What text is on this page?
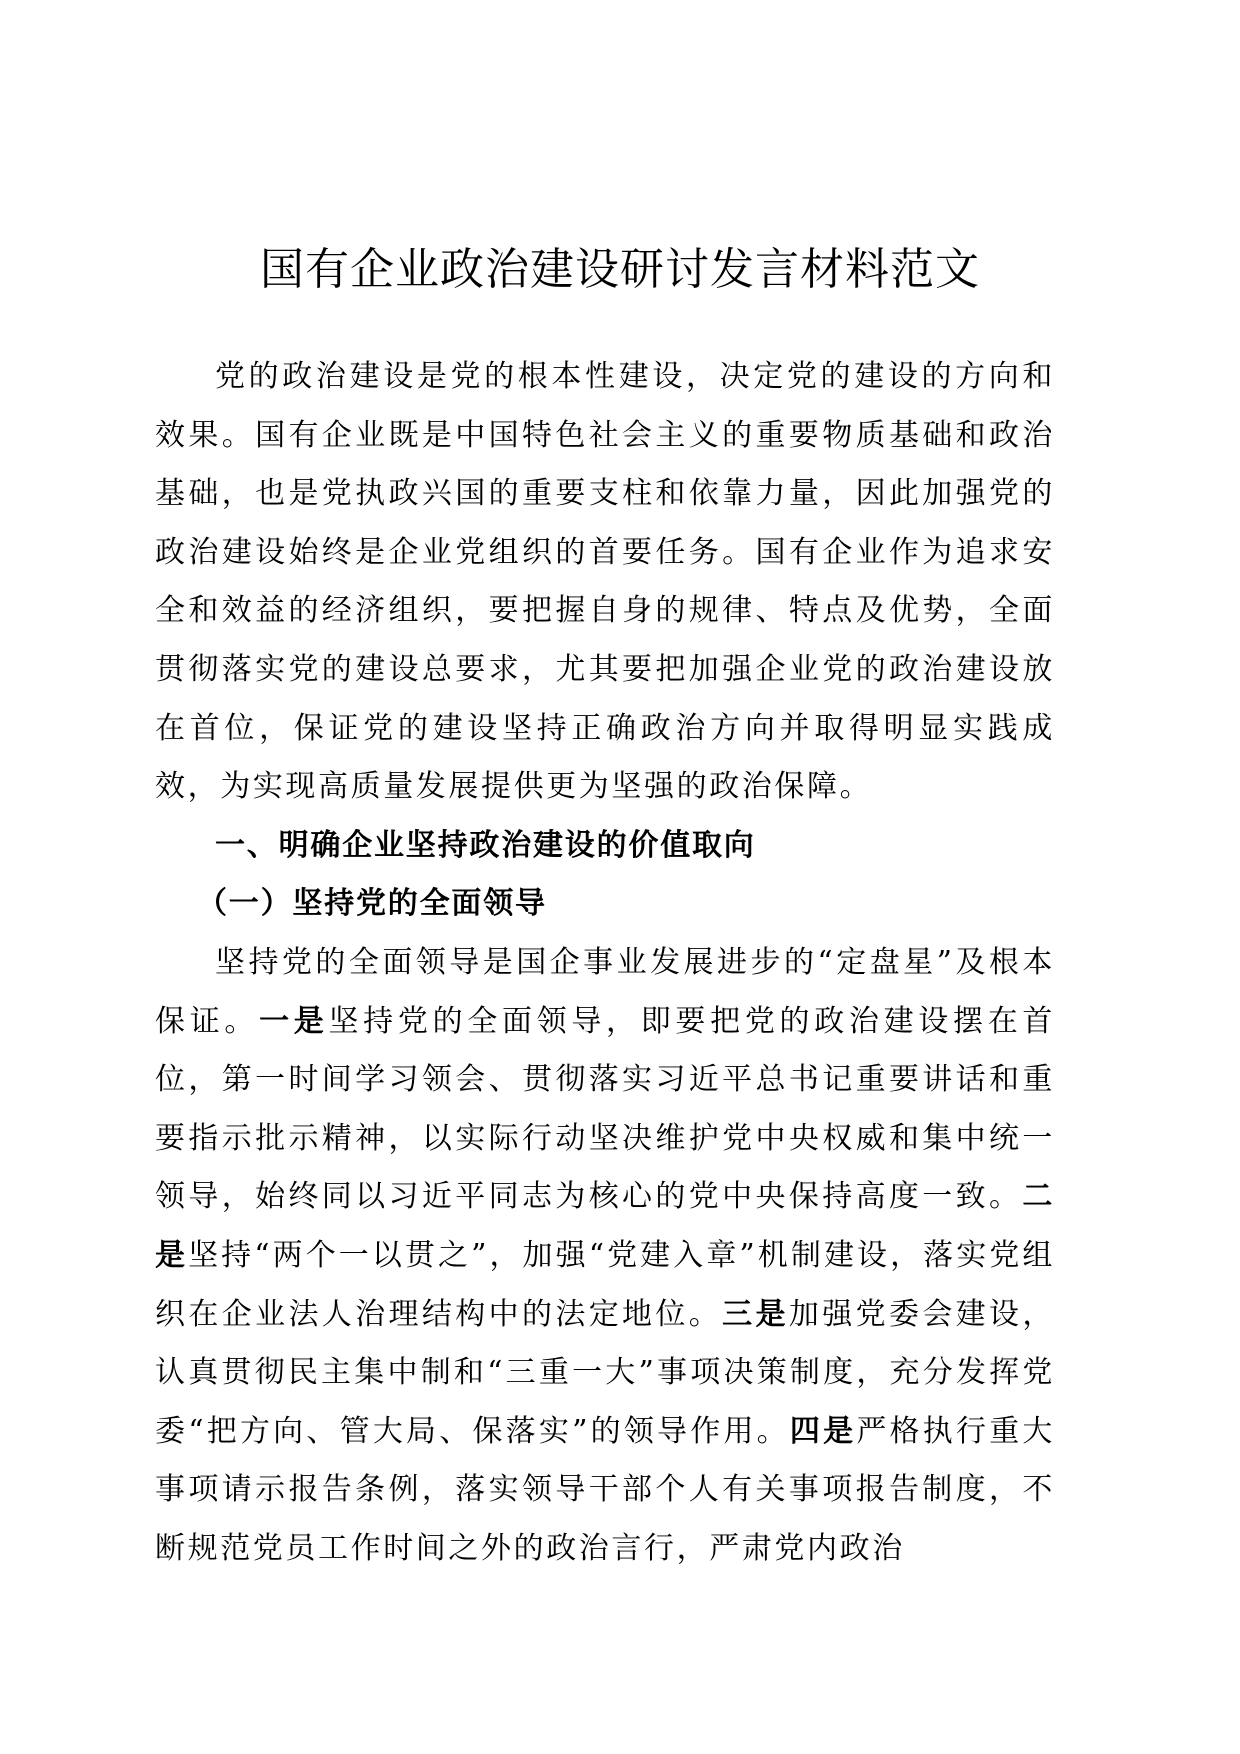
国有企业政治建设研讨发言材料范文

党的政治建设是党的根本性建设，决定党的建设的方向和效果。国有企业既是中国特色社会主义的重要物质基础和政治基础，也是党执政兴国的重要支柱和依靠力量，因此加强党的政治建设始终是企业党组织的首要任务。国有企业作为追求安全和效益的经济组织，要把握自身的规律、特点及优势，全面贯彻落实党的建设总要求，尤其要把加强企业党的政治建设放在首位，保证党的建设坚持正确政治方向并取得明显实践成效，为实现高质量发展提供更为坚强的政治保障。

一、明确企业坚持政治建设的价值取向

（一）坚持党的全面领导

坚持党的全面领导是国企事业发展进步的“定盘星”及根本保证。一是坚持党的全面领导，即要把党的政治建设摆在首位，第一时间学习领会、贯彻落实习近平总书记重要讲话和重要指示批示精神，以实际行动坚决维护党中央权威和集中统一领导，始终同以习近平同志为核心的党中央保持高度一致。二是坚持“两个一以贯之”，加强“党建入章”机制建设，落实党组织在企业法人治理结构中的法定地位。三是加强党委会建设，认真贯彻民主集中制和“三重一大”事项决策制度，充分发挥党委“把方向、管大局、保落实”的领导作用。四是严格执行重大事项请示报告条例，落实领导干部个人有关事项报告制度，不断规范党员工作时间之外的政治言行，严肃党内政治
